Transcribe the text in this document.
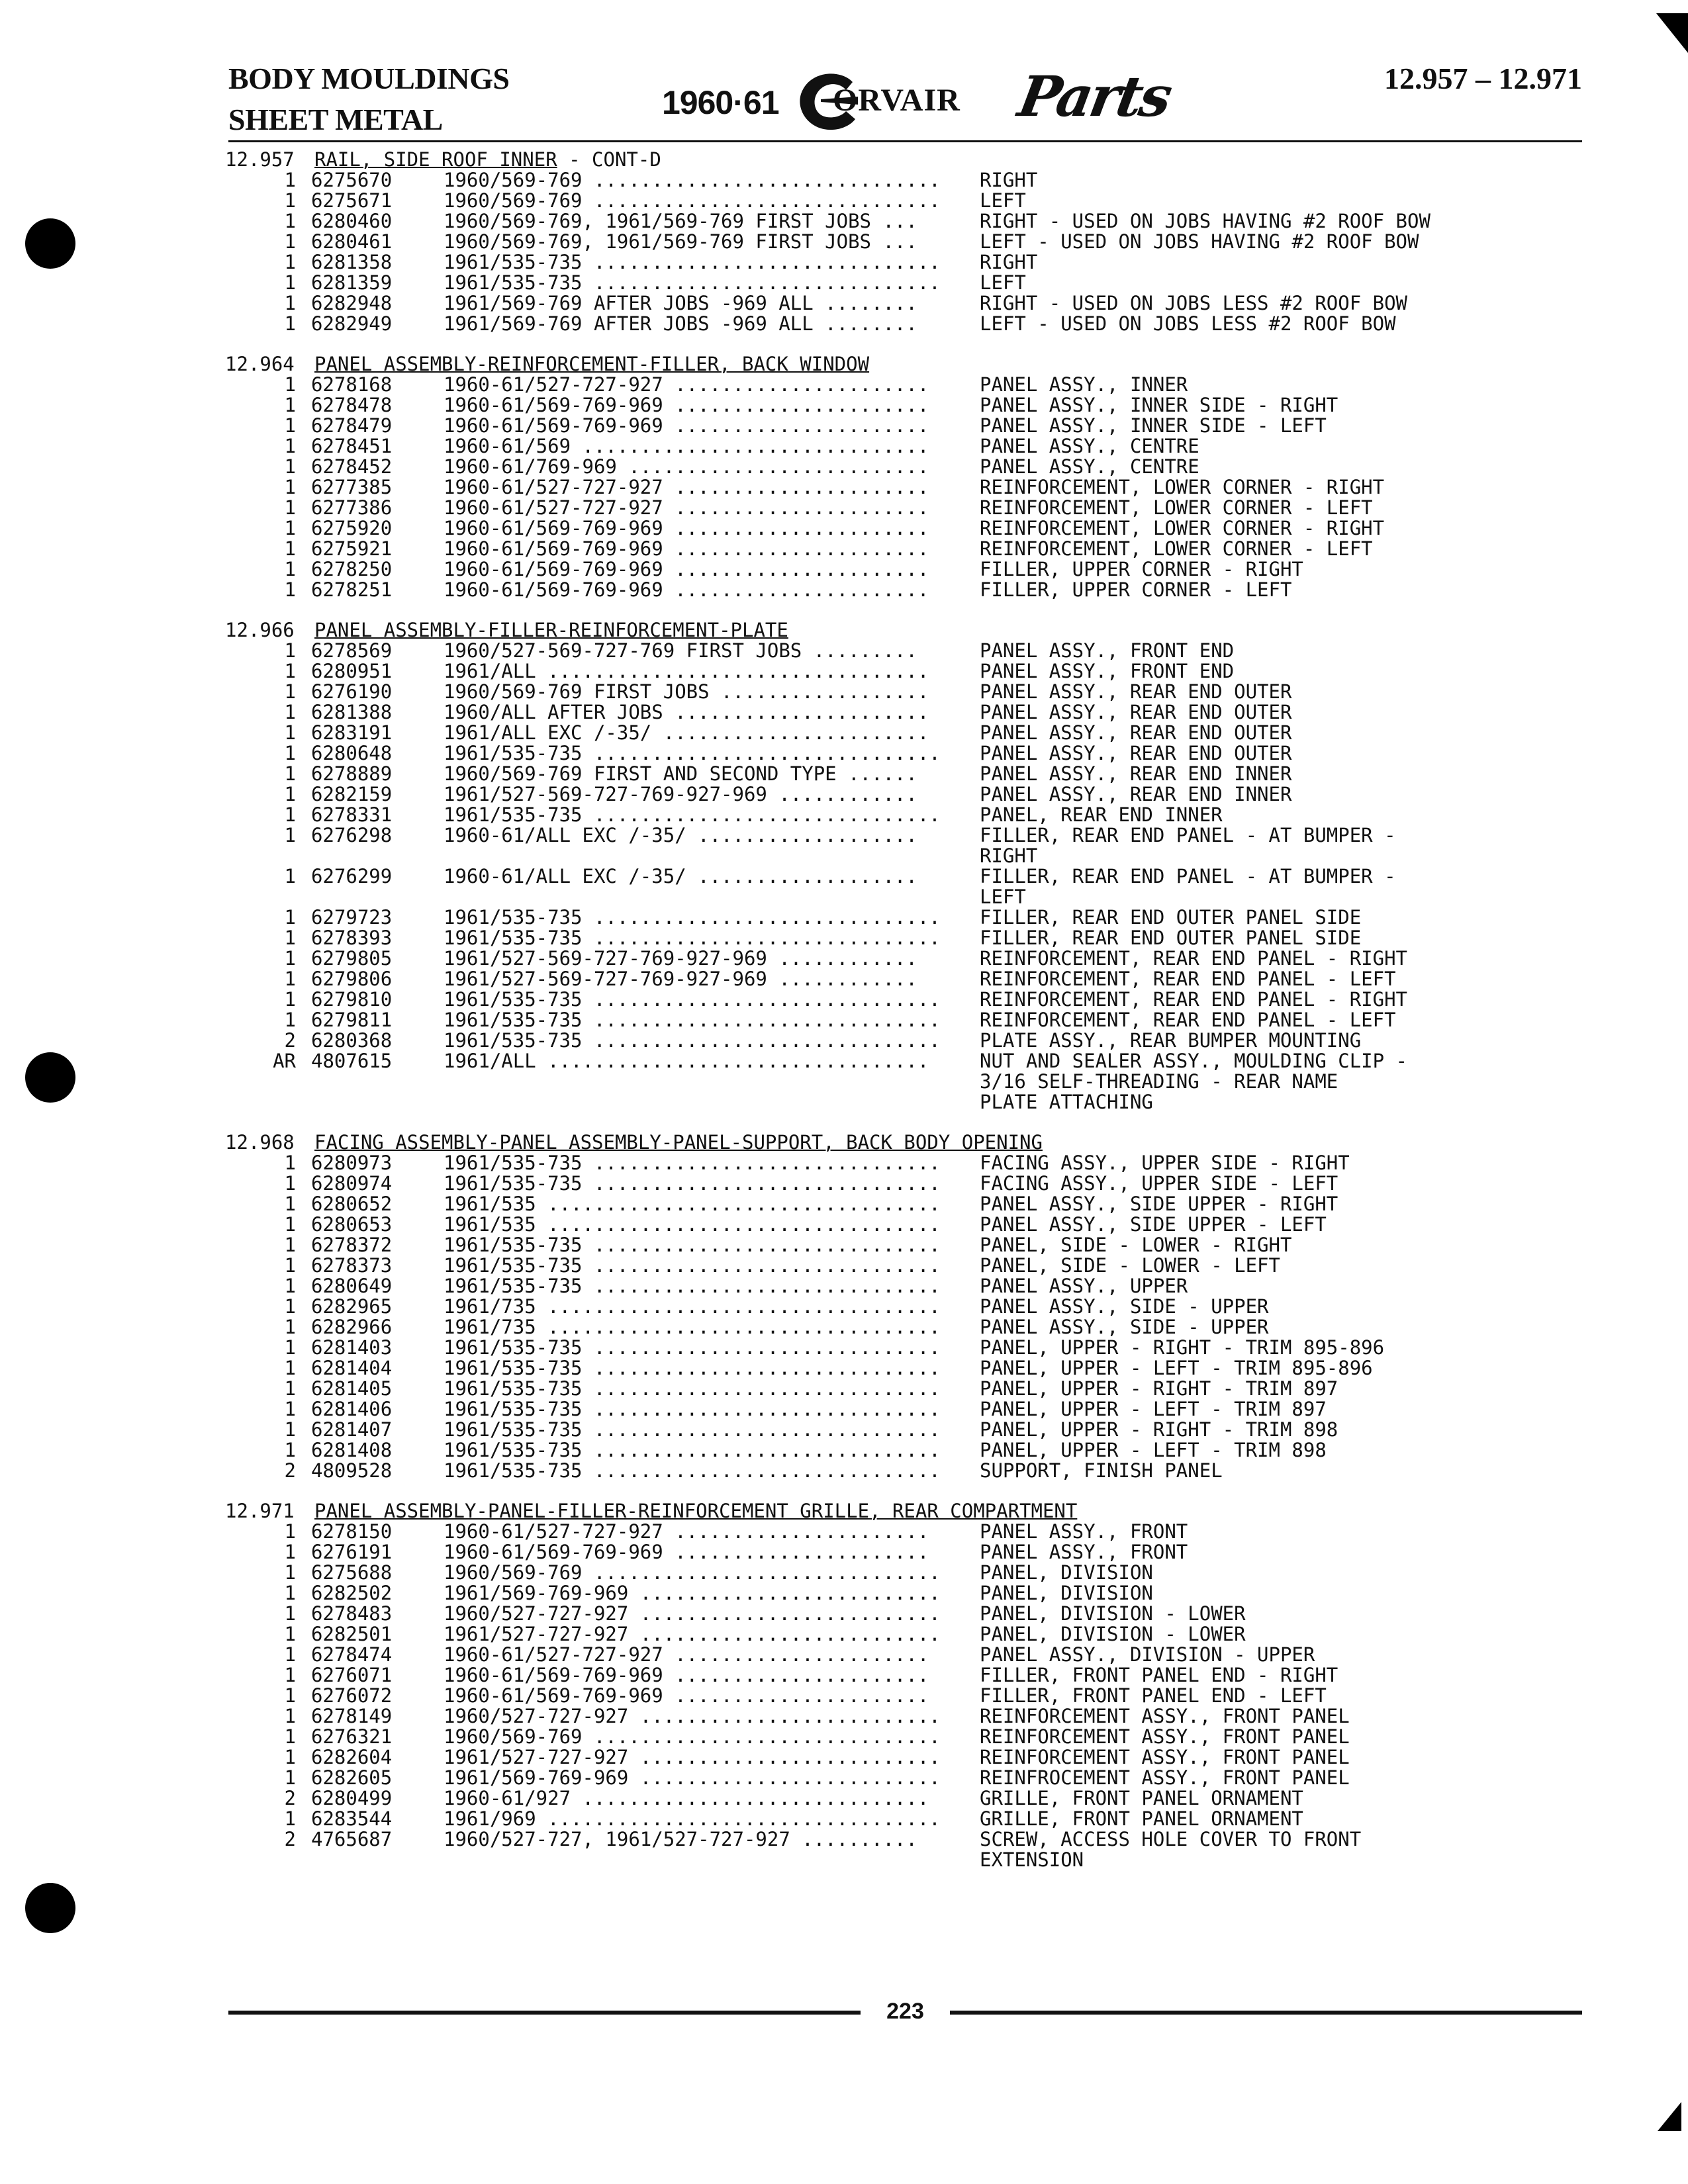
BODY MOULDINGS
SHEET METAL	1960·61 ORVAIR Parts	12.957 – 12.971
12.957 RAIL, SIDE ROOF INNER - CONT-D
1 6275670	1960/569-769 ..............................	RIGHT
1 6275671	1960/569-769 ..............................	LEFT
1 6280460	1960/569-769, 1961/569-769 FIRST JOBS ...	RIGHT - USED ON JOBS HAVING #2 ROOF BOW
1 6280461	1960/569-769, 1961/569-769 FIRST JOBS ...	LEFT - USED ON JOBS HAVING #2 ROOF BOW
1 6281358	1961/535-735 ..............................	RIGHT
1 6281359	1961/535-735 ..............................	LEFT
1 6282948	1961/569-769 AFTER JOBS -969 ALL ........	RIGHT - USED ON JOBS LESS #2 ROOF BOW
1 6282949	1961/569-769 AFTER JOBS -969 ALL ........	LEFT - USED ON JOBS LESS #2 ROOF BOW
12.964 PANEL ASSEMBLY-REINFORCEMENT-FILLER, BACK WINDOW
1 6278168	1960-61/527-727-927 ......................	PANEL ASSY., INNER
1 6278478	1960-61/569-769-969 ......................	PANEL ASSY., INNER SIDE - RIGHT
1 6278479	1960-61/569-769-969 ......................	PANEL ASSY., INNER SIDE - LEFT
1 6278451	1960-61/569 ..............................	PANEL ASSY., CENTRE
1 6278452	1960-61/769-969 ..........................	PANEL ASSY., CENTRE
1 6277385	1960-61/527-727-927 ......................	REINFORCEMENT, LOWER CORNER - RIGHT
1 6277386	1960-61/527-727-927 ......................	REINFORCEMENT, LOWER CORNER - LEFT
1 6275920	1960-61/569-769-969 ......................	REINFORCEMENT, LOWER CORNER - RIGHT
1 6275921	1960-61/569-769-969 ......................	REINFORCEMENT, LOWER CORNER - LEFT
1 6278250	1960-61/569-769-969 ......................	FILLER, UPPER CORNER - RIGHT
1 6278251	1960-61/569-769-969 ......................	FILLER, UPPER CORNER - LEFT
12.966 PANEL ASSEMBLY-FILLER-REINFORCEMENT-PLATE
1 6278569	1960/527-569-727-769 FIRST JOBS .........	PANEL ASSY., FRONT END
1 6280951	1961/ALL .................................	PANEL ASSY., FRONT END
1 6276190	1960/569-769 FIRST JOBS ..................	PANEL ASSY., REAR END OUTER
1 6281388	1960/ALL AFTER JOBS ......................	PANEL ASSY., REAR END OUTER
1 6283191	1961/ALL EXC /-35/ .......................	PANEL ASSY., REAR END OUTER
1 6280648	1961/535-735 ..............................	PANEL ASSY., REAR END OUTER
1 6278889	1960/569-769 FIRST AND SECOND TYPE ......	PANEL ASSY., REAR END INNER
1 6282159	1961/527-569-727-769-927-969 ............	PANEL ASSY., REAR END INNER
1 6278331	1961/535-735 ..............................	PANEL, REAR END INNER
1 6276298	1960-61/ALL EXC /-35/ ...................	FILLER, REAR END PANEL - AT BUMPER -
RIGHT
1 6276299	1960-61/ALL EXC /-35/ ...................	FILLER, REAR END PANEL - AT BUMPER -
LEFT
1 6279723	1961/535-735 ..............................	FILLER, REAR END OUTER PANEL SIDE
1 6278393	1961/535-735 ..............................	FILLER, REAR END OUTER PANEL SIDE
1 6279805	1961/527-569-727-769-927-969 ............	REINFORCEMENT, REAR END PANEL - RIGHT
1 6279806	1961/527-569-727-769-927-969 ............	REINFORCEMENT, REAR END PANEL - LEFT
1 6279810	1961/535-735 ..............................	REINFORCEMENT, REAR END PANEL - RIGHT
1 6279811	1961/535-735 ..............................	REINFORCEMENT, REAR END PANEL - LEFT
2 6280368	1961/535-735 ..............................	PLATE ASSY., REAR BUMPER MOUNTING
AR 4807615	1961/ALL .................................	NUT AND SEALER ASSY., MOULDING CLIP -
3/16 SELF-THREADING - REAR NAME
PLATE ATTACHING
12.968 FACING ASSEMBLY-PANEL ASSEMBLY-PANEL-SUPPORT, BACK BODY OPENING
1 6280973	1961/535-735 ..............................	FACING ASSY., UPPER SIDE - RIGHT
1 6280974	1961/535-735 ..............................	FACING ASSY., UPPER SIDE - LEFT
1 6280652	1961/535 ..................................	PANEL ASSY., SIDE UPPER - RIGHT
1 6280653	1961/535 ..................................	PANEL ASSY., SIDE UPPER - LEFT
1 6278372	1961/535-735 ..............................	PANEL, SIDE - LOWER - RIGHT
1 6278373	1961/535-735 ..............................	PANEL, SIDE - LOWER - LEFT
1 6280649	1961/535-735 ..............................	PANEL ASSY., UPPER
1 6282965	1961/735 ..................................	PANEL ASSY., SIDE - UPPER
1 6282966	1961/735 ..................................	PANEL ASSY., SIDE - UPPER
1 6281403	1961/535-735 ..............................	PANEL, UPPER - RIGHT - TRIM 895-896
1 6281404	1961/535-735 ..............................	PANEL, UPPER - LEFT - TRIM 895-896
1 6281405	1961/535-735 ..............................	PANEL, UPPER - RIGHT - TRIM 897
1 6281406	1961/535-735 ..............................	PANEL, UPPER - LEFT - TRIM 897
1 6281407	1961/535-735 ..............................	PANEL, UPPER - RIGHT - TRIM 898
1 6281408	1961/535-735 ..............................	PANEL, UPPER - LEFT - TRIM 898
2 4809528	1961/535-735 ..............................	SUPPORT, FINISH PANEL
12.971 PANEL ASSEMBLY-PANEL-FILLER-REINFORCEMENT GRILLE, REAR COMPARTMENT
1 6278150	1960-61/527-727-927 ......................	PANEL ASSY., FRONT
1 6276191	1960-61/569-769-969 ......................	PANEL ASSY., FRONT
1 6275688	1960/569-769 ..............................	PANEL, DIVISION
1 6282502	1961/569-769-969 ..........................	PANEL, DIVISION
1 6278483	1960/527-727-927 ..........................	PANEL, DIVISION - LOWER
1 6282501	1961/527-727-927 ..........................	PANEL, DIVISION - LOWER
1 6278474	1960-61/527-727-927 ......................	PANEL ASSY., DIVISION - UPPER
1 6276071	1960-61/569-769-969 ......................	FILLER, FRONT PANEL END - RIGHT
1 6276072	1960-61/569-769-969 ......................	FILLER, FRONT PANEL END - LEFT
1 6278149	1960/527-727-927 ..........................	REINFORCEMENT ASSY., FRONT PANEL
1 6276321	1960/569-769 ..............................	REINFORCEMENT ASSY., FRONT PANEL
1 6282604	1961/527-727-927 ..........................	REINFORCEMENT ASSY., FRONT PANEL
1 6282605	1961/569-769-969 ..........................	REINFROCEMENT ASSY., FRONT PANEL
2 6280499	1960-61/927 ..............................	GRILLE, FRONT PANEL ORNAMENT
1 6283544	1961/969 ..................................	GRILLE, FRONT PANEL ORNAMENT
2 4765687	1960/527-727, 1961/527-727-927 ..........	SCREW, ACCESS HOLE COVER TO FRONT
EXTENSION
223
